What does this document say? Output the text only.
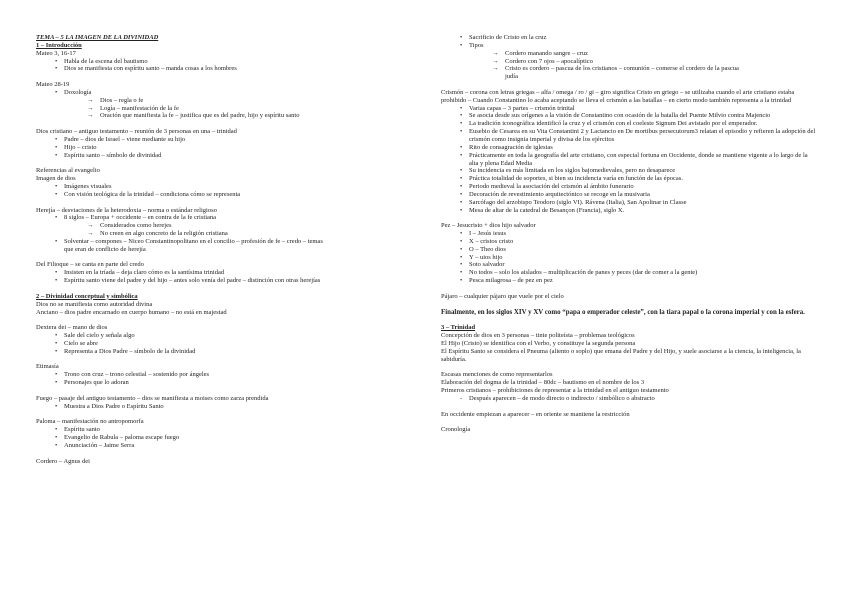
TEMA – 5 LA IMAGEN DE LA DIVINIDAD
1 – Introducción
Mateo 3, 16-17
• Habla de la escena del bautismo
• Dios se manifiesta con espíritu santo – manda cosas a los hombres
Mateo 28-19
• Doxología
→ Dios – regla o fe
→ Logía – manifestación de la fe
→ Oración que manifiesta la fe – justifica que es del padre, hijo y espíritu santo
Dios cristiano – antiguo testamento – reunión de 3 personas en una – trinidad
• Padre – dios de Israel – viene mediante su hijo
• Hijo – cristo
• Espíritu santo – símbolo de divinidad
Referencias al evangelio
Imagen de dios
• Imágenes visuales
• Con visión teológica de la trinidad – condiciona cómo se representa
Herejía – desviaciones de la heterodoxia – norma o estándar religioso
• 8 siglos – Europa + occidente – en contra de la fe cristiana
→ Considerados como herejes
→ No creen en algo concreto de la religión cristiana
• Solventar – compones – Niceo Constantinopolitano en el concilio – profesión de fe – credo – temas
que eran de conflicto de herejía
Del Filioque – se canta en parte del credo
• Insisten en la tríada – deja claro cómo es la santísima trinidad
• Espíritu santo viene del padre y del hijo – antes solo venía del padre – distinción con otras herejías
2 – Divinidad conceptual y simbólica
Dios no se manifiesta como autoridad divina
Anciano – dios padre encarnado en cuerpo humano – no está en majestad
Dextera dei – mano de dios
• Sale del cielo y señala algo
• Cielo se abre
• Representa a Dios Padre – símbolo de la divinidad
Etimasía
• Trono con cruz – trono celestial – sostenido por ángeles
• Personajes que lo adoran
Fuego – pasaje del antiguo testamento – dios se manifiesta a moises como zarza prendida
• Muestra a Dios Padre o Espíritu Santo
Paloma – manifestación no antropomorfa
• Espíritu santo
• Evangelio de Rabula – paloma escape fuego
• Anunciación – Jaime Serra
Cordero – Agnus dei
• Sacrificio de Cristo en la cruz
• Tipos
→ Cordero manando sangre – cruz
→ Cordero con 7 ojos – apocalíptico
→ Cristo es cordero – pascua de los cristianos – comunión – comerse el cordero de la pascua
judía
Crismón – corona con letras griegas – alfa / omega / ro / gi – giro significa Cristo en griego – se utilizaba cuando el arte cristiano estaba prohibido – Cuando Constantino lo acaba aceptando se lleva el crismón a las batallas – en cierto modo también representa a la trinidad
• Varias capas – 3 partes – crismón trinital
• Se asocia desde sus orígenes a la visión de Constantino con ocasión de la batalla del Puente Milvio contra Majencio
• La tradición iconográfica identificó la cruz y el crismón con el coeleste Signum Dei avistado por el emperador.
• Eusebio de Cesarea en su Vita Constantini 2 y Lactancio en De mortibus persecutorum3 relatan el episodio y refieren la adopción del crismón como insignia imperial y divisa de los ejércitos
• Rito de consagración de iglesias
• Prácticamente en toda la geografía del arte cristiano, con especial fortuna en Occidente, donde se mantiene vigente a lo largo de la alta y plena Edad Media
• Su incidencia es más limitada en los siglos bajomedievales, pero no desaparece
• Práctica totalidad de soportes, si bien su incidencia varía en función de las épocas.
• Periodo medieval la asociación del crismón al ámbito funerario
• Decoración de revestimiento arquitectónico se recoge en la musivaria
• Sarcófago del arzobispo Teodoro (siglo VI). Rávena (Italia), San Apolinar in Classe
• Mesa de altar de la catedral de Besançon (Francia), siglo X.
Pez – Jesucristo + dios hijo salvador
• I – Jesús iesus
• X – cristos cristo
• O – Theo dios
• Y – uios hijo
• Soto salvador
• No todos – solo los aislados – multiplicación de panes y peces (dar de comer a la gente)
• Pesca milagrosa – de pez en pez
Pájaro – cualquier pájaro que vuele por el cielo
Finalmente, en los siglos XIV y XV como “papa o emperador celeste”, con la tiara papal o la corona imperial y con la esfera.
3 – Trinidad
Concepción de dios en 3 personas – tinte politeísta – problemas teológicos
El Hijo (Cristo) se identifica con el Verbo, y constituye la segunda persona
El Espíritu Santo se considera el Pneuma (aliento o soplo) que emana del Padre y del Hijo, y suele asociarse a la ciencia, la inteligencia, la sabiduría.
Escasas menciones de como representarlos
Elaboración del dogma de la trinidad – 80dc – bautismo en el nombre de los 3
Primeros cristianos – prohibiciones de representar a la trinidad en el antiguo testamento
- Después aparecen – de modo directo o indirecto / simbólico o abstracto
En occidente empiezan a aparecer – en oriente se mantiene la restricción
Cronología
